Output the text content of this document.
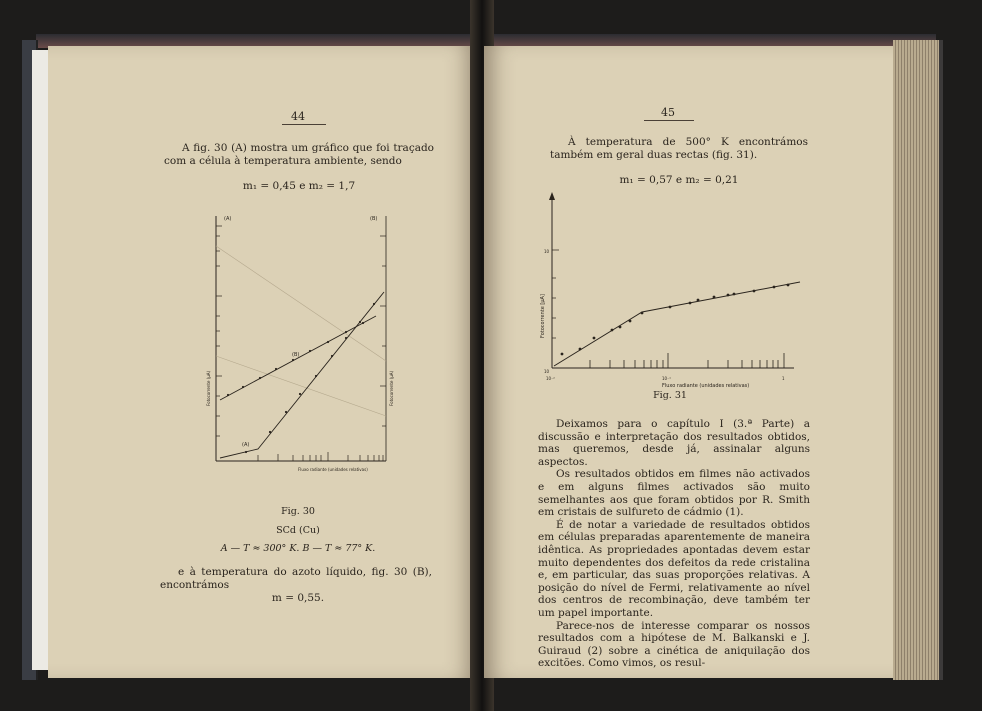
44

A fig. 30 (A) mostra um gráfico que foi traçado com a célula à temperatura ambiente, sendo

m₁ = 0,45 e m₂ = 1,7
(A)	(B)
(B)
(A)
Fotocorrente (μA)	Fotocorrente (μA)
Fluxo radiante (unidades relativas)
Fig. 30
SCd (Cu)
A — T ≈ 300° K. B — T ≈ 77° K.

e à temperatura do azoto líquido, fig. 30 (B), encontrámos

m = 0,55.
45

À temperatura de 500° K encontrámos também em geral duas rectas (fig. 31).

m₁ = 0,57 e m₂ = 0,21
10
10
10⁻²	10⁻¹	1
Fotocorrente [μA]
Fluxo radiante (unidades relativas)
Fig. 31

Deixamos para o capítulo I (3.ª Parte) a discussão e interpretação dos resultados obtidos, mas queremos, desde já, assinalar alguns aspectos.

Os resultados obtidos em filmes não activados e em alguns filmes activados são muito semelhantes aos que foram obtidos por R. Smith em cristais de sulfureto de cádmio (1).

É de notar a variedade de resultados obtidos em células preparadas aparentemente de maneira idêntica. As propriedades apontadas devem estar muito dependentes dos defeitos da rede cristalina e, em particular, das suas proporções relativas. A posição do nível de Fermi, relativamente ao nível dos centros de recombinação, deve também ter um papel importante.

Parece-nos de interesse comparar os nossos resultados com a hipótese de M. Balkanski e J. Guiraud (2) sobre a cinética de aniquilação dos excitões. Como vimos, os resul-
